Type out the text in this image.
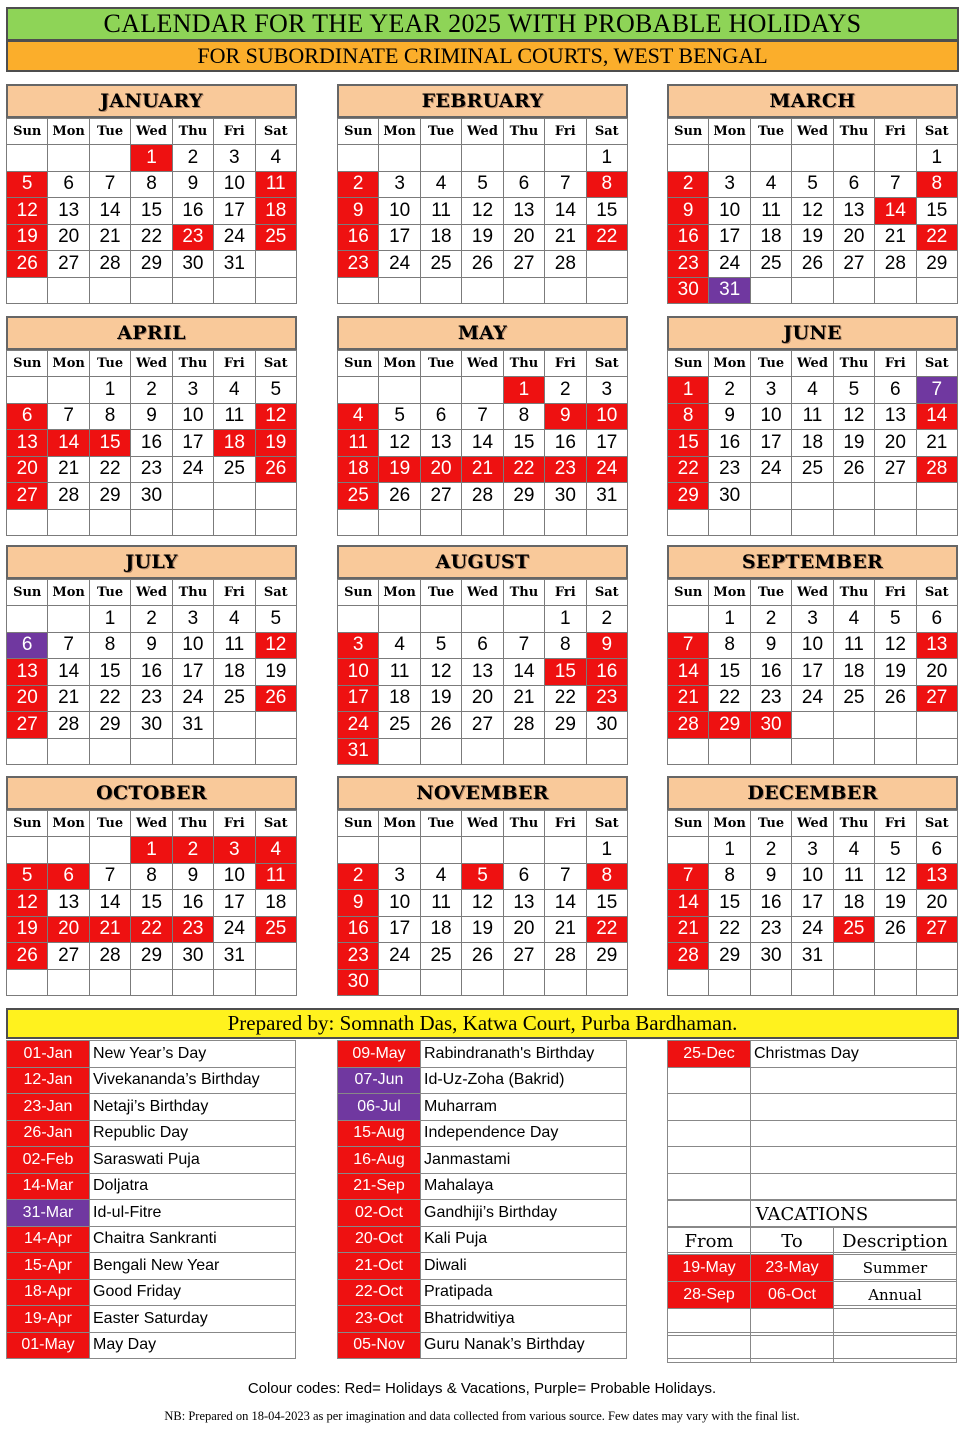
CALENDAR FOR THE YEAR 2025 WITH PROBABLE HOLIDAYS
FOR SUBORDINATE CRIMINAL COURTS, WEST BENGAL
JANUARY
Sun	Mon	Tue	Wed	Thu	Fri	Sat
			1	2	3	4
5	6	7	8	9	10	11
12	13	14	15	16	17	18
19	20	21	22	23	24	25
26	27	28	29	30	31	

FEBRUARY
Sun	Mon	Tue	Wed	Thu	Fri	Sat
						1
2	3	4	5	6	7	8
9	10	11	12	13	14	15
16	17	18	19	20	21	22
23	24	25	26	27	28	

MARCH
Sun	Mon	Tue	Wed	Thu	Fri	Sat
						1
2	3	4	5	6	7	8
9	10	11	12	13	14	15
16	17	18	19	20	21	22
23	24	25	26	27	28	29
30	31					
APRIL
Sun	Mon	Tue	Wed	Thu	Fri	Sat
		1	2	3	4	5
6	7	8	9	10	11	12
13	14	15	16	17	18	19
20	21	22	23	24	25	26
27	28	29	30			

MAY
Sun	Mon	Tue	Wed	Thu	Fri	Sat
				1	2	3
4	5	6	7	8	9	10
11	12	13	14	15	16	17
18	19	20	21	22	23	24
25	26	27	28	29	30	31

JUNE
Sun	Mon	Tue	Wed	Thu	Fri	Sat
1	2	3	4	5	6	7
8	9	10	11	12	13	14
15	16	17	18	19	20	21
22	23	24	25	26	27	28
29	30					

JULY
Sun	Mon	Tue	Wed	Thu	Fri	Sat
		1	2	3	4	5
6	7	8	9	10	11	12
13	14	15	16	17	18	19
20	21	22	23	24	25	26
27	28	29	30	31		

AUGUST
Sun	Mon	Tue	Wed	Thu	Fri	Sat
					1	2
3	4	5	6	7	8	9
10	11	12	13	14	15	16
17	18	19	20	21	22	23
24	25	26	27	28	29	30
31						
SEPTEMBER
Sun	Mon	Tue	Wed	Thu	Fri	Sat
	1	2	3	4	5	6
7	8	9	10	11	12	13
14	15	16	17	18	19	20
21	22	23	24	25	26	27
28	29	30				

OCTOBER
Sun	Mon	Tue	Wed	Thu	Fri	Sat
			1	2	3	4
5	6	7	8	9	10	11
12	13	14	15	16	17	18
19	20	21	22	23	24	25
26	27	28	29	30	31	

NOVEMBER
Sun	Mon	Tue	Wed	Thu	Fri	Sat
						1
2	3	4	5	6	7	8
9	10	11	12	13	14	15
16	17	18	19	20	21	22
23	24	25	26	27	28	29
30						
DECEMBER
Sun	Mon	Tue	Wed	Thu	Fri	Sat
	1	2	3	4	5	6
7	8	9	10	11	12	13
14	15	16	17	18	19	20
21	22	23	24	25	26	27
28	29	30	31			

Prepared by: Somnath Das, Katwa Court, Purba Bardhaman.
01-Jan	New Year’s Day
12-Jan	Vivekananda’s Birthday
23-Jan	Netaji’s Birthday
26-Jan	Republic Day
02-Feb	Saraswati Puja
14-Mar	Doljatra
31-Mar	Id-ul-Fitre
14-Apr	Chaitra Sankranti
15-Apr	Bengali New Year
18-Apr	Good Friday
19-Apr	Easter Saturday
01-May	May Day
09-May	Rabindranath's Birthday
07-Jun	Id-Uz-Zoha (Bakrid)
06-Jul	Muharram
15-Aug	Independence Day
16-Aug	Janmastami
21-Sep	Mahalaya
02-Oct	Gandhiji’s Birthday
20-Oct	Kali Puja
21-Oct	Diwali
22-Oct	Pratipada
23-Oct	Bhatridwitiya
05-Nov	Guru Nanak’s Birthday
25-Dec	Christmas Day

VACATIONS		
From	To	Description
19-May	23-May	Summer
28-Sep	06-Oct	Annual

Colour codes: Red= Holidays & Vacations, Purple= Probable Holidays.
NB: Prepared on 18-04-2023 as per imagination and data collected from various source. Few dates may vary with the final list.
